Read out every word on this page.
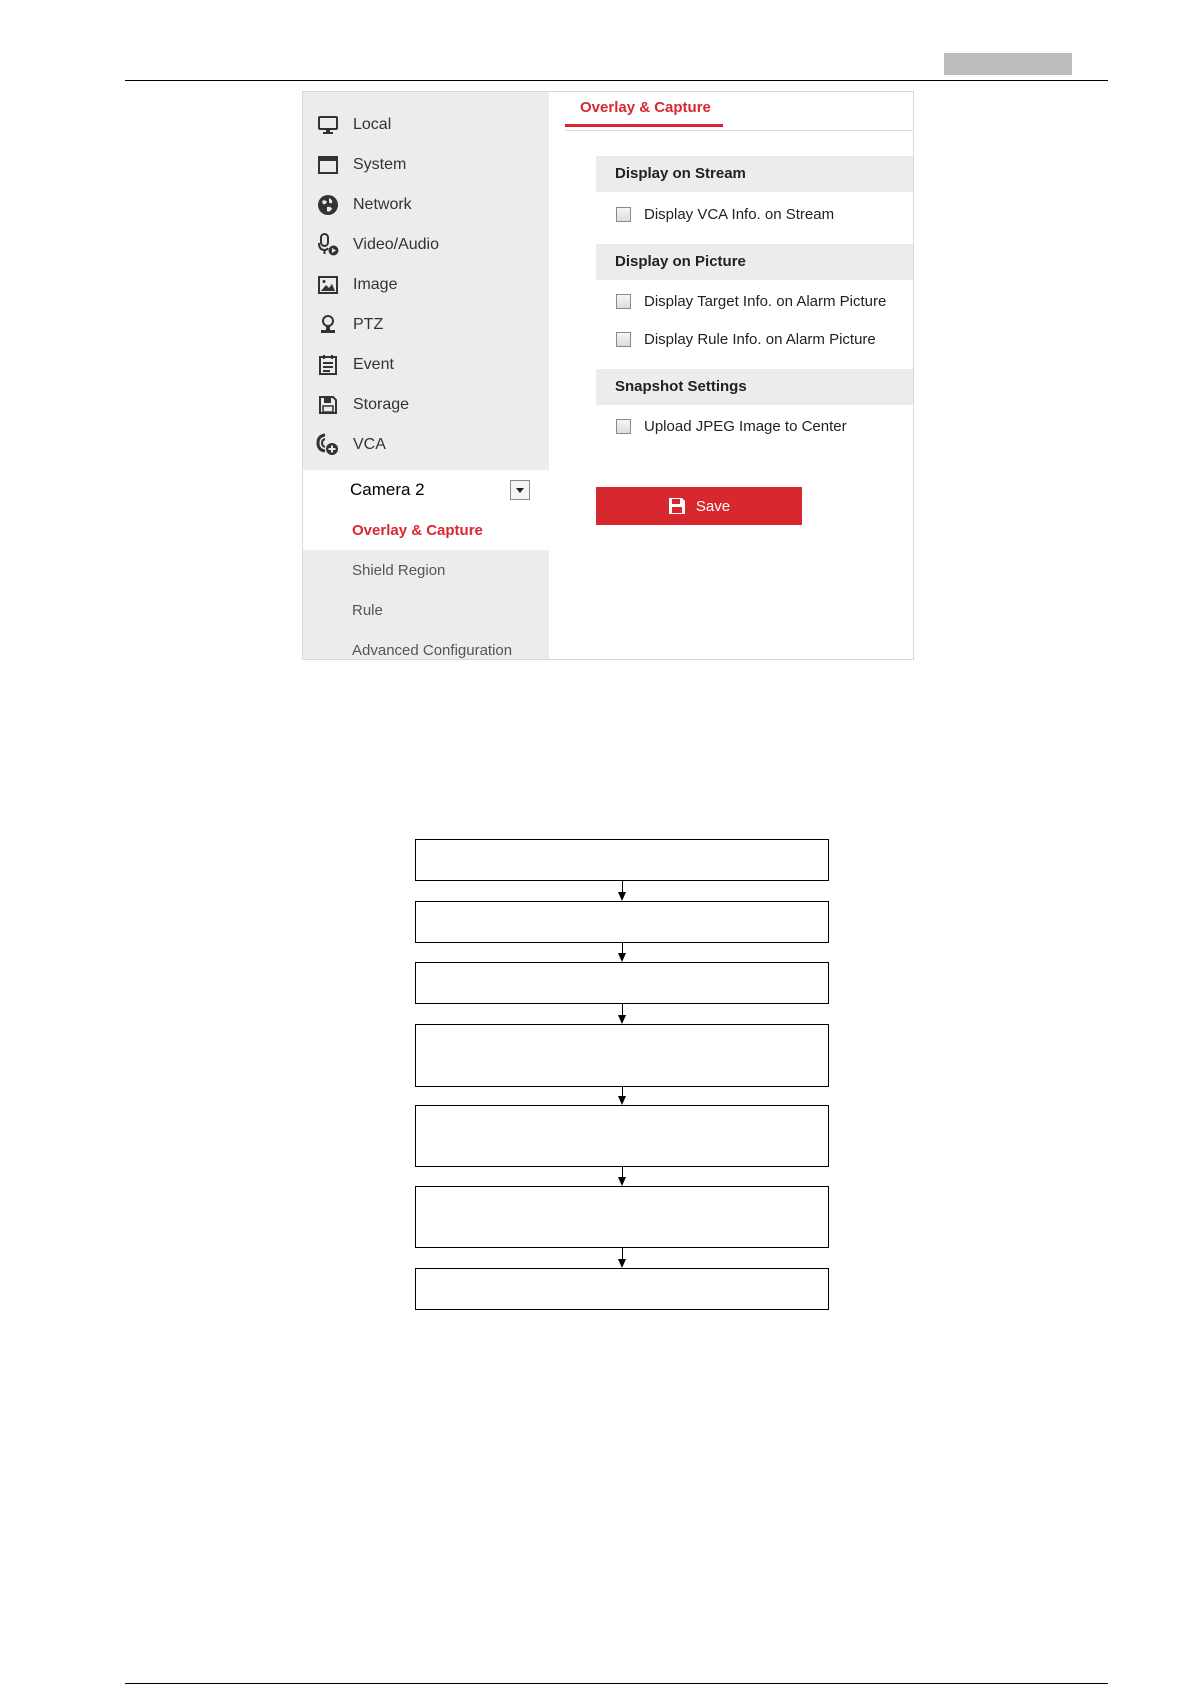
Local
System
Network
Video/Audio
Image
PTZ
Event
Storage
VCA
Camera 2
Overlay & Capture
Shield Region
Rule
Advanced Configuration
Overlay & Capture
Display on Stream
Display VCA Info. on Stream
Display on Picture
Display Target Info. on Alarm Picture
Display Rule Info. on Alarm Picture
Snapshot Settings
Upload JPEG Image to Center
Save
